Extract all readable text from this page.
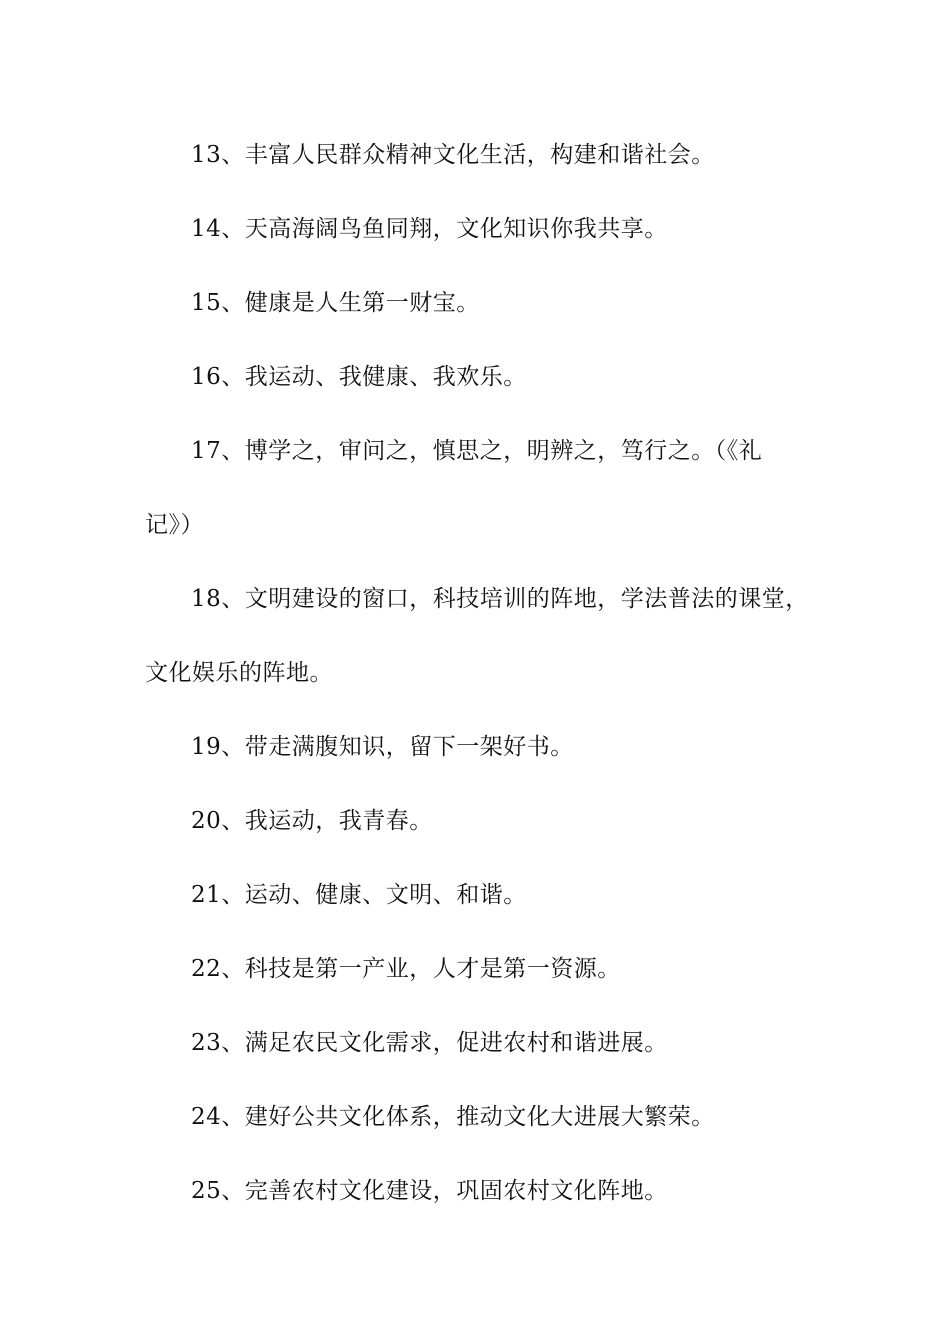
13、丰富人民群众精神文化生活，构建和谐社会。

14、天高海阔鸟鱼同翔，文化知识你我共享。

15、健康是人生第一财宝。

16、我运动、我健康、我欢乐。

17、博学之，审问之，慎思之，明辨之，笃行之。（《礼

记》）

18、文明建设的窗口，科技培训的阵地，学法普法的课堂，

文化娱乐的阵地。

19、带走满腹知识，留下一架好书。

20、我运动，我青春。

21、运动、健康、文明、和谐。

22、科技是第一产业，人才是第一资源。

23、满足农民文化需求，促进农村和谐进展。

24、建好公共文化体系，推动文化大进展大繁荣。

25、完善农村文化建设，巩固农村文化阵地。
